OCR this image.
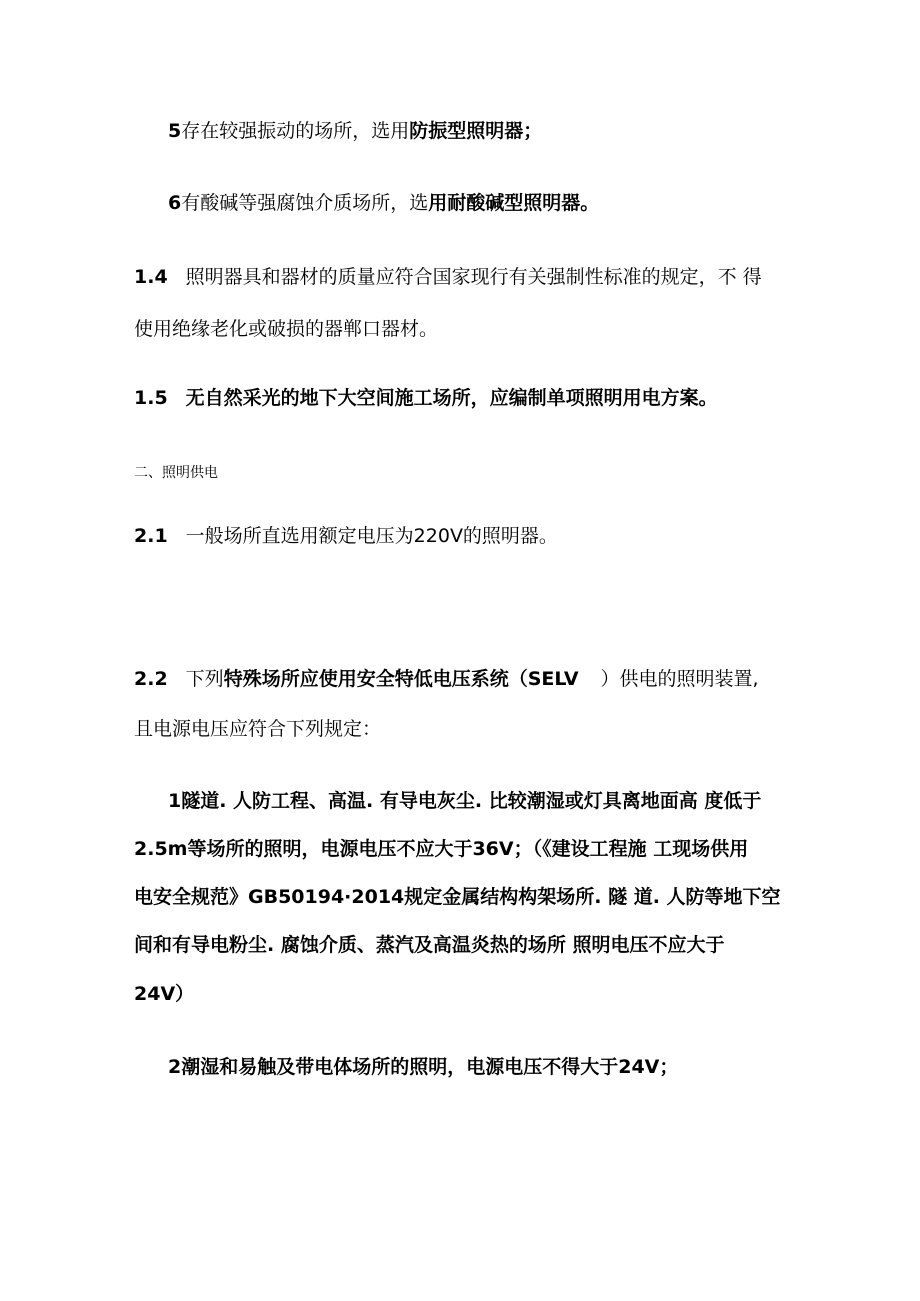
5存在较强振动的场所，选用防振型照明器；
6有酸碱等强腐蚀介质场所，选用耐酸碱型照明器。
1.4 照明器具和器材的质量应符合国家现行有关强制性标准的规定，不 得
使用绝缘老化或破损的器郸口器材。
1.5 无自然采光的地下大空间施工场所，应编制单项照明用电方案。
二、照明供电
2.1 一般场所直选用额定电压为220V的照明器。
2.2 下列特殊场所应使用安全特低电压系统（SELV ）供电的照明装置,
且电源电压应符合下列规定：
1隧道. 人防工程、高温. 有导电灰尘. 比较潮湿或灯具离地面高 度低于
2.5m等场所的照明，电源电压不应大于36V；（《建设工程施 工现场供用
电安全规范》GB50194·2014规定金属结构构架场所. 隧 道. 人防等地下空
间和有导电粉尘. 腐蚀介质、蒸汽及高温炎热的场所 照明电压不应大于
24V）
2潮湿和易触及带电体场所的照明，电源电压不得大于24V；
